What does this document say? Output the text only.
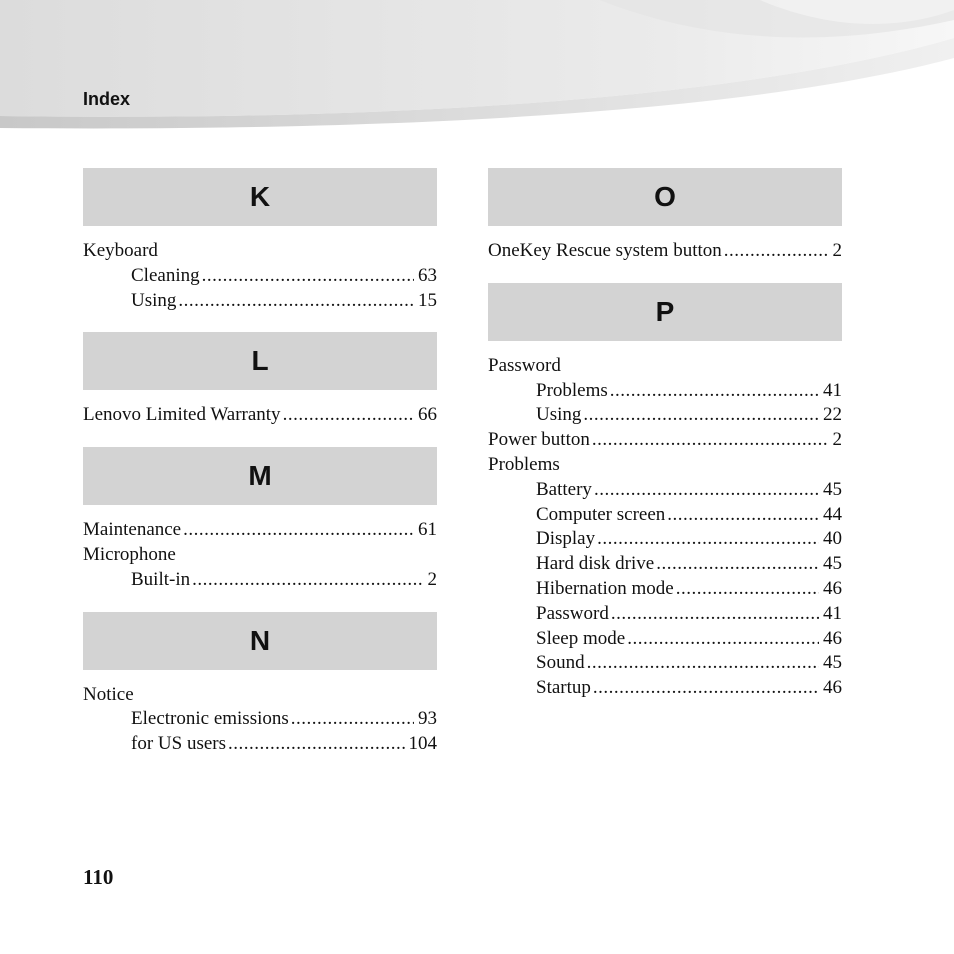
Index
K
Keyboard
Cleaning .....	63
Using .....	15
L
Lenovo Limited Warranty .....	66
M
Maintenance .....	61
Microphone
Built-in .....	2
N
Notice
Electronic emissions .....	93
for US users .....	104
O
OneKey Rescue system button .....	2
P
Password
Problems .....	41
Using .....	22
Power button .....	2
Problems
Battery .....	45
Computer screen .....	44
Display .....	40
Hard disk drive .....	45
Hibernation mode .....	46
Password .....	41
Sleep mode .....	46
Sound .....	45
Startup .....	46
110
